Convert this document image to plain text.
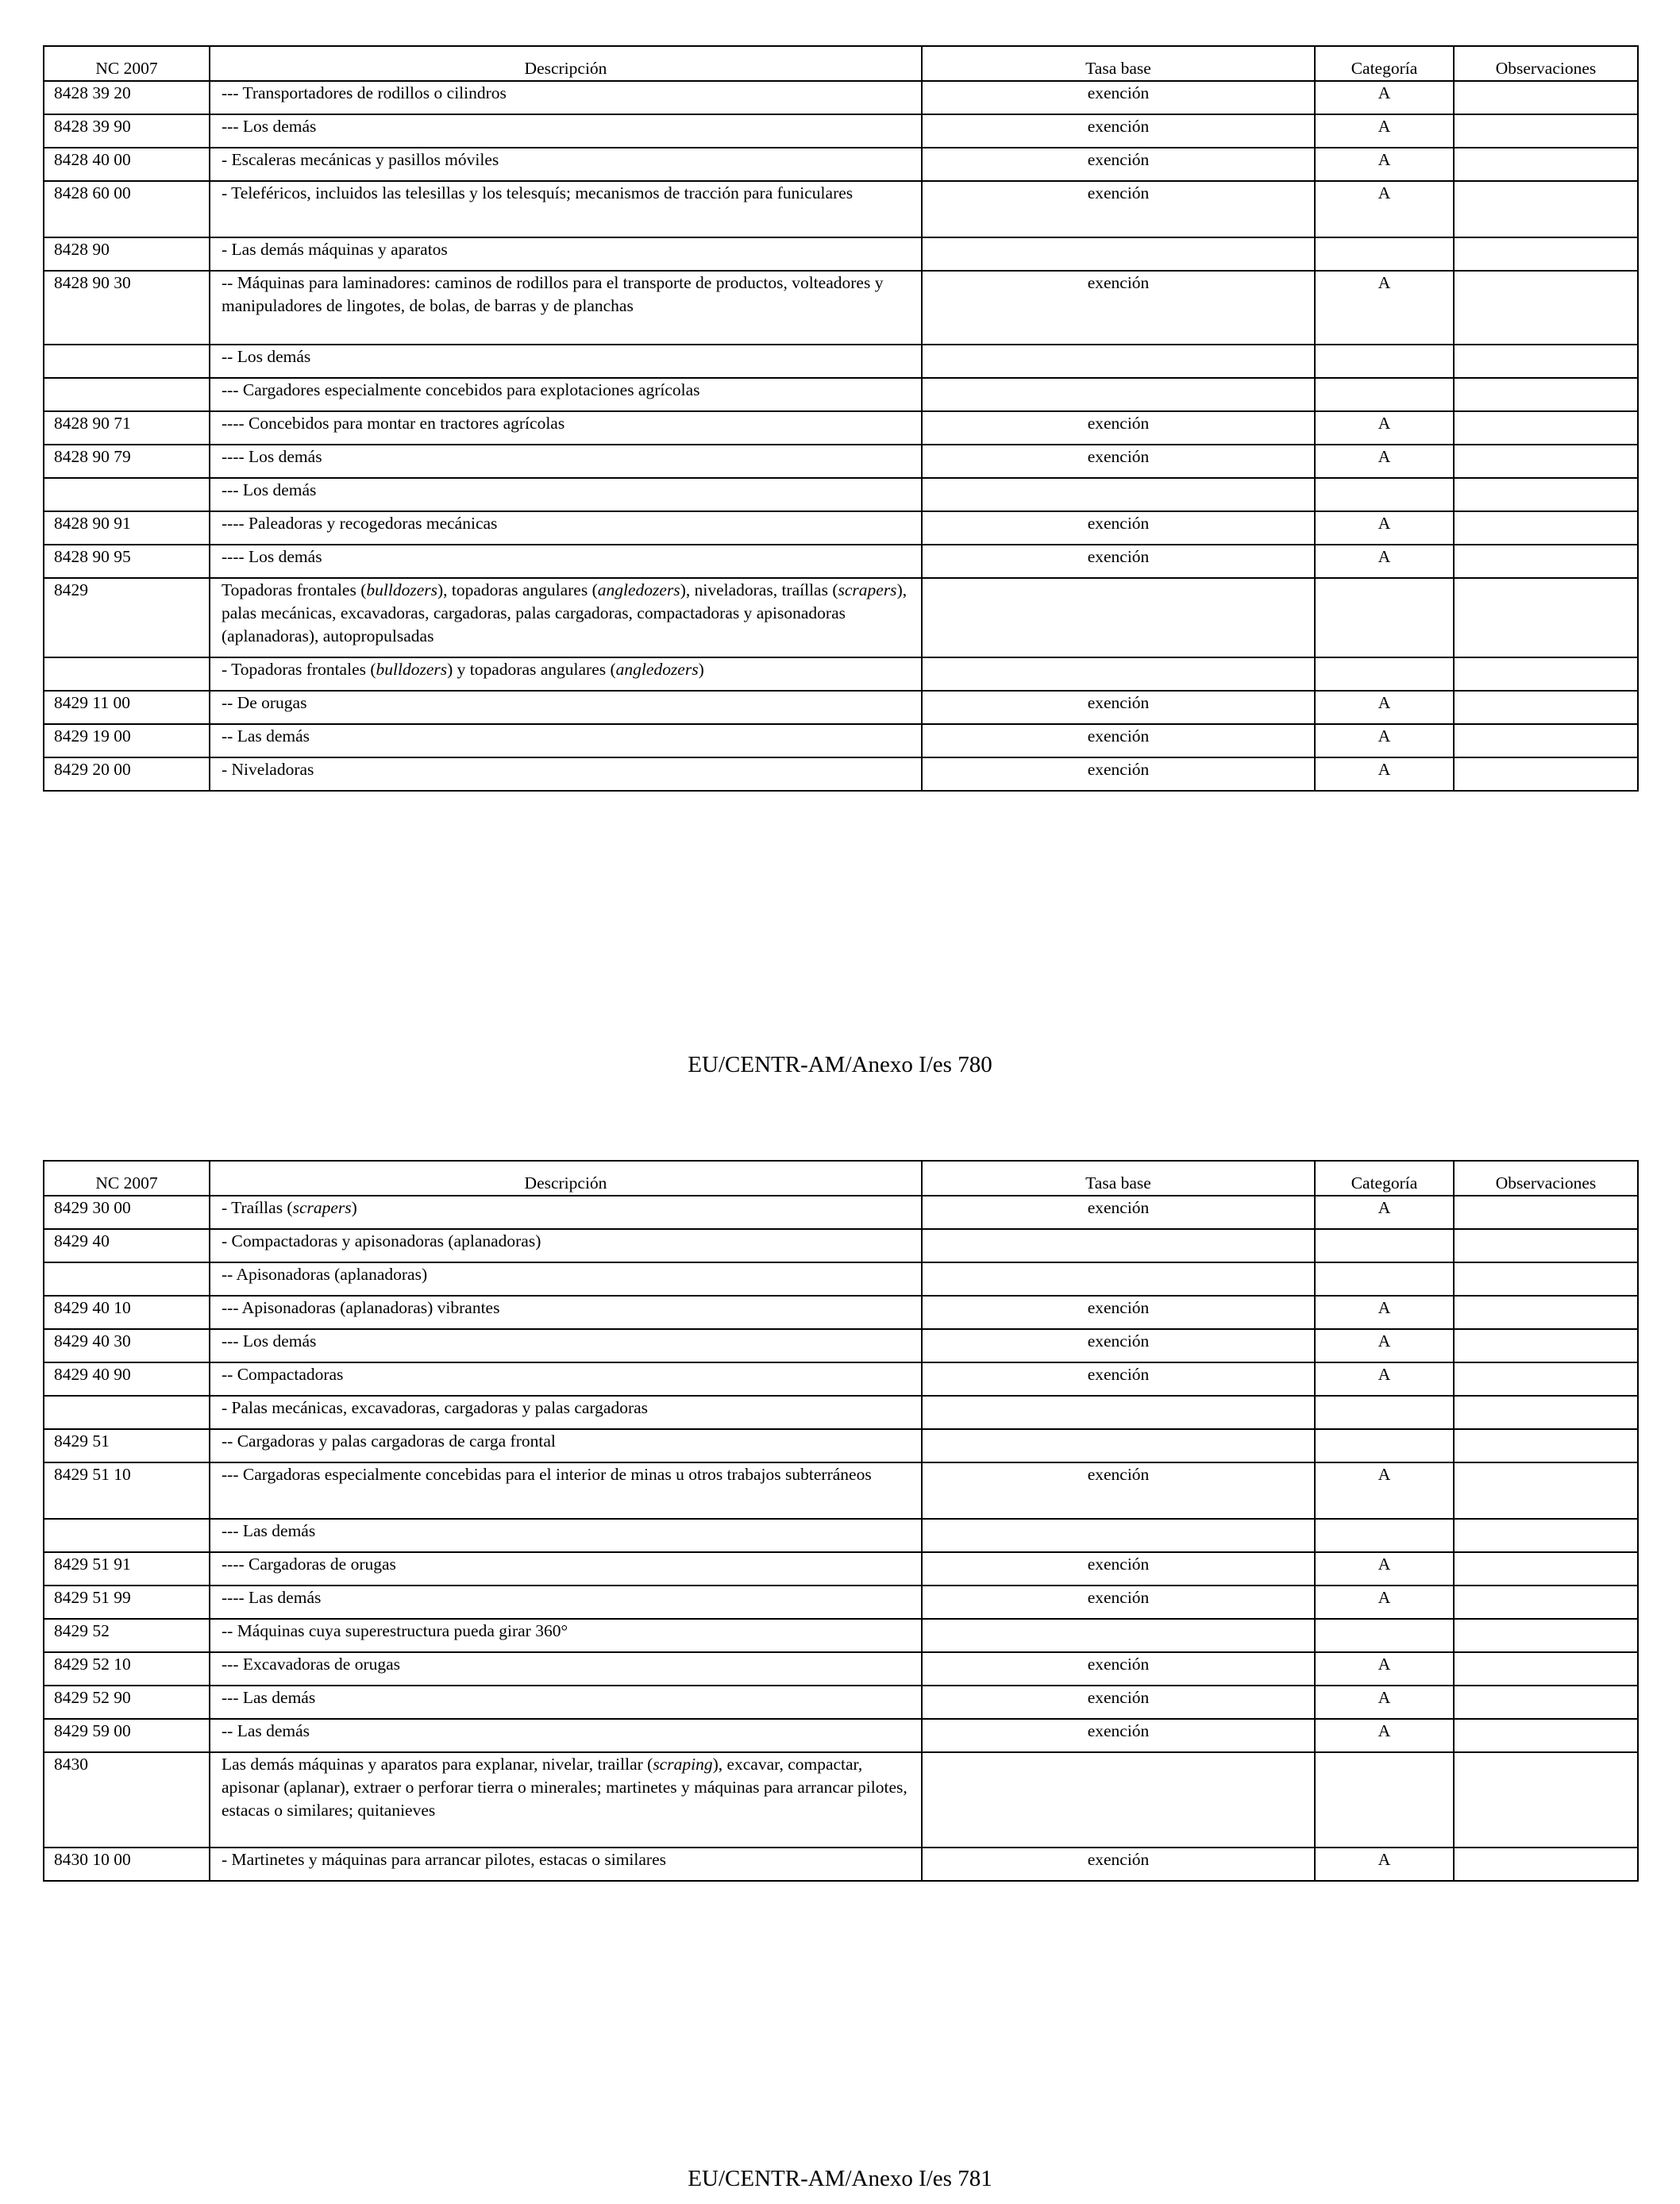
NC 2007	Descripción	Tasa base	Categoría	Observaciones
8428 39 20	--- Transportadores de rodillos o cilindros	exención	A	
8428 39 90	--- Los demás	exención	A	
8428 40 00	- Escaleras mecánicas y pasillos móviles	exención	A	
8428 60 00	- Teleféricos, incluidos las telesillas y los telesquís; mecanismos de tracción para funiculares	exención	A	
8428 90	- Las demás máquinas y aparatos			
8428 90 30	-- Máquinas para laminadores: caminos de rodillos para el transporte de productos, volteadores y manipuladores de lingotes, de bolas, de barras y de planchas	exención	A	
	-- Los demás			
	--- Cargadores especialmente concebidos para explotaciones agrícolas			
8428 90 71	---- Concebidos para montar en tractores agrícolas	exención	A	
8428 90 79	---- Los demás	exención	A	
	--- Los demás			
8428 90 91	---- Paleadoras y recogedoras mecánicas	exención	A	
8428 90 95	---- Los demás	exención	A	
8429	Topadoras frontales (bulldozers), topadoras angulares (angledozers), niveladoras, traíllas (scrapers), palas mecánicas, excavadoras, cargadoras, palas cargadoras, compactadoras y apisonadoras (aplanadoras), autopropulsadas			
	- Topadoras frontales (bulldozers) y topadoras angulares (angledozers)			
8429 11 00	-- De orugas	exención	A	
8429 19 00	-- Las demás	exención	A	
8429 20 00	- Niveladoras	exención	A	
EU/CENTR-AM/Anexo I/es 780
NC 2007	Descripción	Tasa base	Categoría	Observaciones
8429 30 00	- Traíllas (scrapers)	exención	A	
8429 40	- Compactadoras y apisonadoras (aplanadoras)			
	-- Apisonadoras (aplanadoras)			
8429 40 10	--- Apisonadoras (aplanadoras) vibrantes	exención	A	
8429 40 30	--- Los demás	exención	A	
8429 40 90	-- Compactadoras	exención	A	
	- Palas mecánicas, excavadoras, cargadoras y palas cargadoras			
8429 51	-- Cargadoras y palas cargadoras de carga frontal			
8429 51 10	--- Cargadoras especialmente concebidas para el interior de minas u otros trabajos subterráneos	exención	A	
	--- Las demás			
8429 51 91	---- Cargadoras de orugas	exención	A	
8429 51 99	---- Las demás	exención	A	
8429 52	-- Máquinas cuya superestructura pueda girar 360°			
8429 52 10	--- Excavadoras de orugas	exención	A	
8429 52 90	--- Las demás	exención	A	
8429 59 00	-- Las demás	exención	A	
8430	Las demás máquinas y aparatos para explanar, nivelar, traillar (scraping), excavar, compactar, apisonar (aplanar), extraer o perforar tierra o minerales; martinetes y máquinas para arrancar pilotes, estacas o similares; quitanieves			
8430 10 00	- Martinetes y máquinas para arrancar pilotes, estacas o similares	exención	A	
EU/CENTR-AM/Anexo I/es 781
